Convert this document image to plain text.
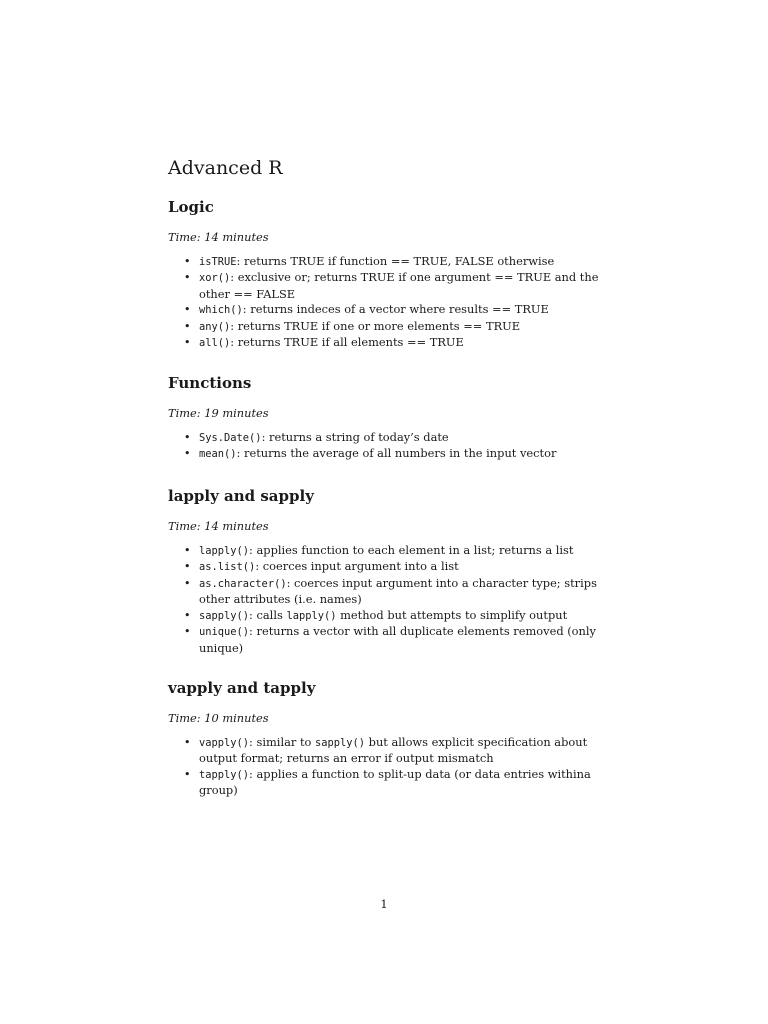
Advanced R
Logic

Time: 14 minutes

• isTRUE: returns TRUE if function == TRUE, FALSE otherwise
• xor(): exclusive or; returns TRUE if one argument == TRUE and the other == FALSE
• which(): returns indeces of a vector where results == TRUE
• any(): returns TRUE if one or more elements == TRUE
• all(): returns TRUE if all elements == TRUE
Functions

Time: 19 minutes

• Sys.Date(): returns a string of today’s date
• mean(): returns the average of all numbers in the input vector
lapply and sapply

Time: 14 minutes

• lapply(): applies function to each element in a list; returns a list
• as.list(): coerces input argument into a list
• as.character(): coerces input argument into a character type; strips other attributes (i.e. names)
• sapply(): calls lapply() method but attempts to simplify output
• unique(): returns a vector with all duplicate elements removed (only unique)
vapply and tapply

Time: 10 minutes

• vapply(): similar to sapply() but allows explicit specification about output format; returns an error if output mismatch
• tapply(): applies a function to split-up data (or data entries withina group)
1
